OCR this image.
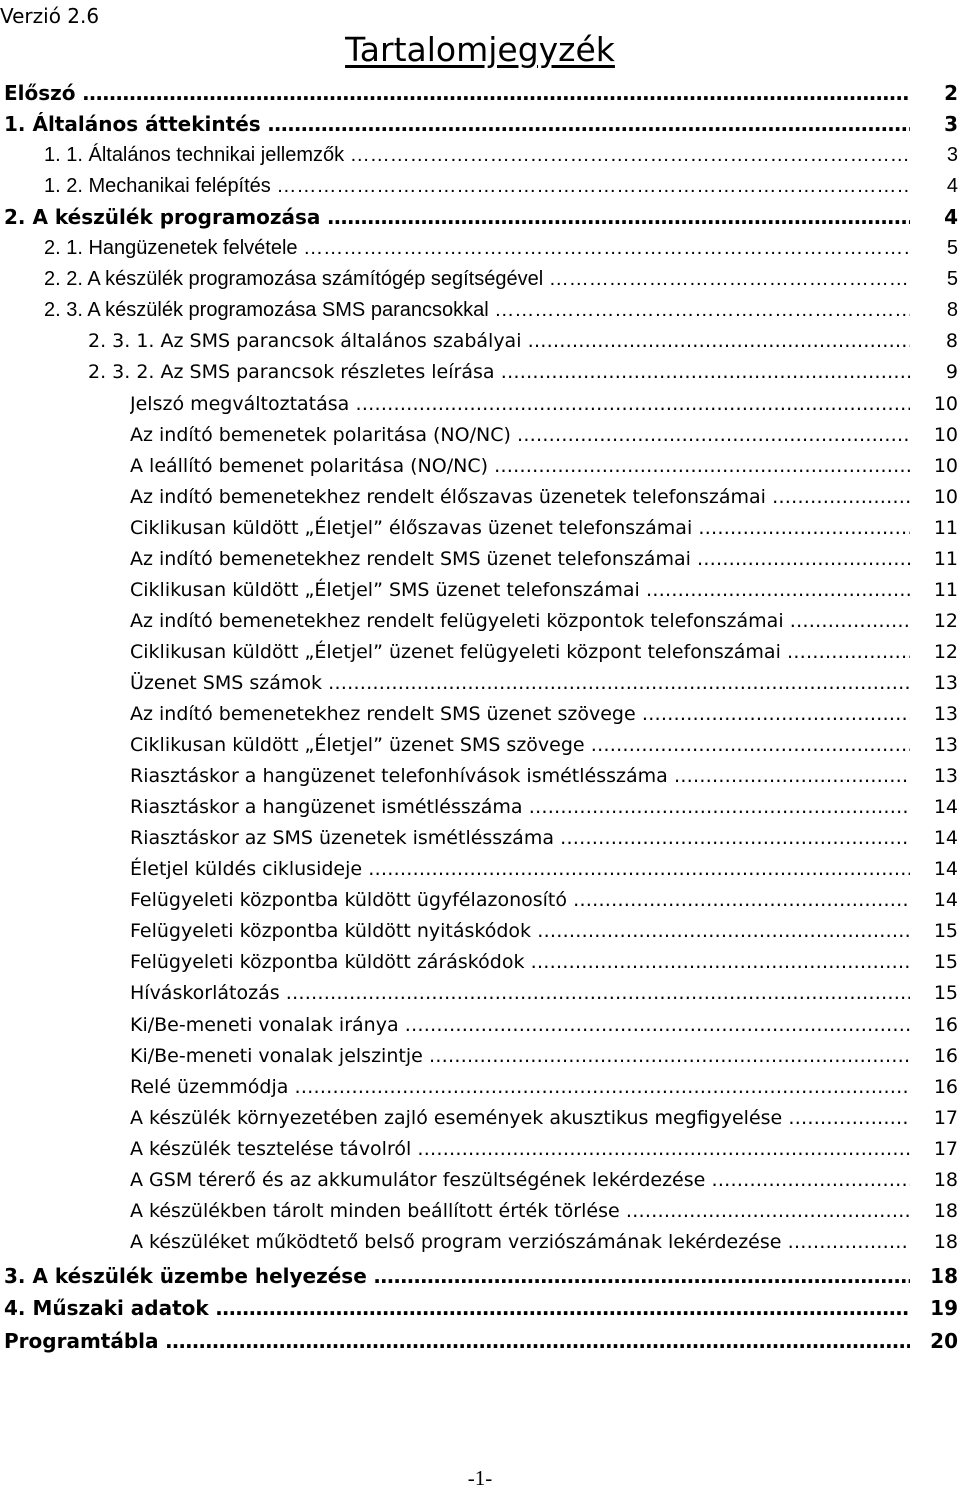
Verzió 2.6
Tartalomjegyzék
Előszó ……………………………………………………………………………………………………………………………………………………………………………	2
1. Általános áttekintés ……………………………………………………………………………………………………………………………………………………………………………	3
1. 1. Általános technikai jellemzők ……………………………………………………………………………………………………………………………………………………………………………	3
1. 2. Mechanikai felépítés ……………………………………………………………………………………………………………………………………………………………………………	4
2. A készülék programozása ……………………………………………………………………………………………………………………………………………………………………………	4
2. 1. Hangüzenetek felvétele ……………………………………………………………………………………………………………………………………………………………………………	5
2. 2. A készülék programozása számítógép segítségével ……………………………………………………………………………………………………………………………………………………………………………	5
2. 3. A készülék programozása SMS parancsokkal ……………………………………………………………………………………………………………………………………………………………………………	8
2. 3. 1. Az SMS parancsok általános szabályai ……………………………………………………………………………………………………………………………………………………………………………	8
2. 3. 2. Az SMS parancsok részletes leírása ……………………………………………………………………………………………………………………………………………………………………………	9
Jelszó megváltoztatása ……………………………………………………………………………………………………………………………………………………………………………	10
Az indító bemenetek polaritása (NO/NC) ……………………………………………………………………………………………………………………………………………………………………………	10
A leállító bemenet polaritása (NO/NC) ……………………………………………………………………………………………………………………………………………………………………………	10
Az indító bemenetekhez rendelt élőszavas üzenetek telefonszámai ……………………………………………………………………………………………………………………………………………………………………………	10
Ciklikusan küldött „Életjel” élőszavas üzenet telefonszámai ……………………………………………………………………………………………………………………………………………………………………………	11
Az indító bemenetekhez rendelt SMS üzenet telefonszámai ……………………………………………………………………………………………………………………………………………………………………………	11
Ciklikusan küldött „Életjel” SMS üzenet telefonszámai ……………………………………………………………………………………………………………………………………………………………………………	11
Az indító bemenetekhez rendelt felügyeleti központok telefonszámai ……………………………………………………………………………………………………………………………………………………………………………	12
Ciklikusan küldött „Életjel” üzenet felügyeleti központ telefonszámai ……………………………………………………………………………………………………………………………………………………………………………	12
Üzenet SMS számok ……………………………………………………………………………………………………………………………………………………………………………	13
Az indító bemenetekhez rendelt SMS üzenet szövege ……………………………………………………………………………………………………………………………………………………………………………	13
Ciklikusan küldött „Életjel” üzenet SMS szövege ……………………………………………………………………………………………………………………………………………………………………………	13
Riasztáskor a hangüzenet telefonhívások ismétlésszáma ……………………………………………………………………………………………………………………………………………………………………………	13
Riasztáskor a hangüzenet ismétlésszáma ……………………………………………………………………………………………………………………………………………………………………………	14
Riasztáskor az SMS üzenetek ismétlésszáma ……………………………………………………………………………………………………………………………………………………………………………	14
Életjel küldés ciklusideje ……………………………………………………………………………………………………………………………………………………………………………	14
Felügyeleti központba küldött ügyfélazonosító ……………………………………………………………………………………………………………………………………………………………………………	14
Felügyeleti központba küldött nyitáskódok ……………………………………………………………………………………………………………………………………………………………………………	15
Felügyeleti központba küldött záráskódok ……………………………………………………………………………………………………………………………………………………………………………	15
Híváskorlátozás ……………………………………………………………………………………………………………………………………………………………………………	15
Ki/Be-meneti vonalak iránya ……………………………………………………………………………………………………………………………………………………………………………	16
Ki/Be-meneti vonalak jelszintje ……………………………………………………………………………………………………………………………………………………………………………	16
Relé üzemmódja ……………………………………………………………………………………………………………………………………………………………………………	16
A készülék környezetében zajló események akusztikus megfigyelése ……………………………………………………………………………………………………………………………………………………………………………	17
A készülék tesztelése távolról ……………………………………………………………………………………………………………………………………………………………………………	17
A GSM térerő és az akkumulátor feszültségének lekérdezése ……………………………………………………………………………………………………………………………………………………………………………	18
A készülékben tárolt minden beállított érték törlése ……………………………………………………………………………………………………………………………………………………………………………	18
A készüléket működtető belső program verziószámának lekérdezése ……………………………………………………………………………………………………………………………………………………………………………	18
3. A készülék üzembe helyezése ……………………………………………………………………………………………………………………………………………………………………………	18
4. Műszaki adatok ……………………………………………………………………………………………………………………………………………………………………………	19
Programtábla ……………………………………………………………………………………………………………………………………………………………………………	20
-1-
